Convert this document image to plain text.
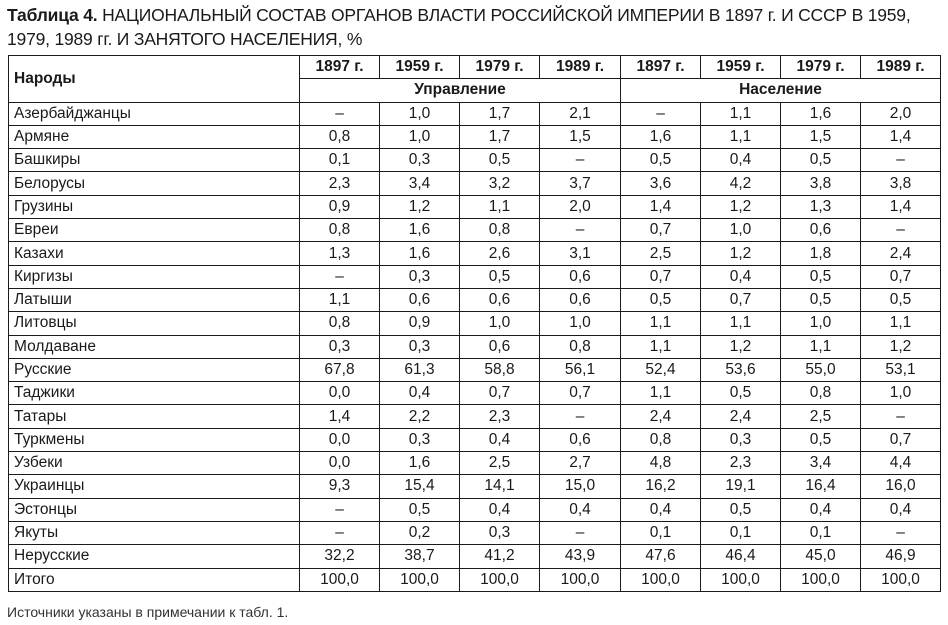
Таблица 4. НАЦИОНАЛЬНЫЙ СОСТАВ ОРГАНОВ ВЛАСТИ РОССИЙСКОЙ ИМПЕРИИ В 1897 г. И СССР В 1959, 1979, 1989 гг. И ЗАНЯТОГО НАСЕЛЕНИЯ, %
Народы	1897 г.	1959 г.	1979 г.	1989 г.	1897 г.	1959 г.	1979 г.	1989 г.
	Управление				Население			
Азербайджанцы	–	1,0	1,7	2,1	–	1,1	1,6	2,0
Армяне	0,8	1,0	1,7	1,5	1,6	1,1	1,5	1,4
Башкиры	0,1	0,3	0,5	–	0,5	0,4	0,5	–
Белорусы	2,3	3,4	3,2	3,7	3,6	4,2	3,8	3,8
Грузины	0,9	1,2	1,1	2,0	1,4	1,2	1,3	1,4
Евреи	0,8	1,6	0,8	–	0,7	1,0	0,6	–
Казахи	1,3	1,6	2,6	3,1	2,5	1,2	1,8	2,4
Киргизы	–	0,3	0,5	0,6	0,7	0,4	0,5	0,7
Латыши	1,1	0,6	0,6	0,6	0,5	0,7	0,5	0,5
Литовцы	0,8	0,9	1,0	1,0	1,1	1,1	1,0	1,1
Молдаване	0,3	0,3	0,6	0,8	1,1	1,2	1,1	1,2
Русские	67,8	61,3	58,8	56,1	52,4	53,6	55,0	53,1
Таджики	0,0	0,4	0,7	0,7	1,1	0,5	0,8	1,0
Татары	1,4	2,2	2,3	–	2,4	2,4	2,5	–
Туркмены	0,0	0,3	0,4	0,6	0,8	0,3	0,5	0,7
Узбеки	0,0	1,6	2,5	2,7	4,8	2,3	3,4	4,4
Украинцы	9,3	15,4	14,1	15,0	16,2	19,1	16,4	16,0
Эстонцы	–	0,5	0,4	0,4	0,4	0,5	0,4	0,4
Якуты	–	0,2	0,3	–	0,1	0,1	0,1	–
Нерусские	32,2	38,7	41,2	43,9	47,6	46,4	45,0	46,9
Итого	100,0	100,0	100,0	100,0	100,0	100,0	100,0	100,0
Источники указаны в примечании к табл. 1.
